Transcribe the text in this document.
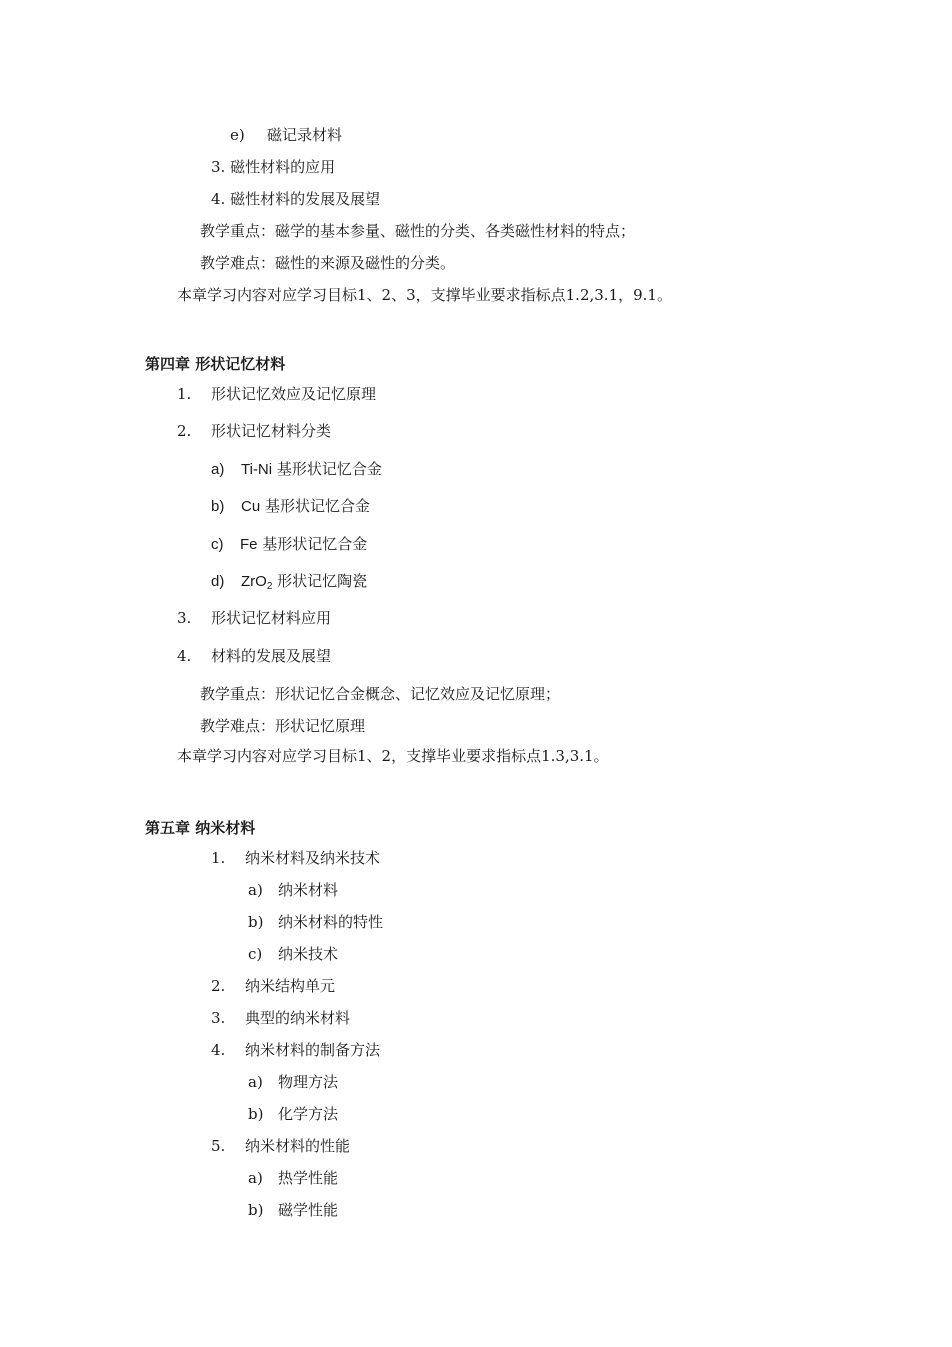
e) 磁记录材料
3. 磁性材料的应用
4. 磁性材料的发展及展望
教学重点：磁学的基本参量、磁性的分类、各类磁性材料的特点；
教学难点：磁性的来源及磁性的分类。
本章学习内容对应学习目标1、2、3，支撑毕业要求指标点1.2,3.1，9.1。
第四章 形状记忆材料
1. 形状记忆效应及记忆原理
2. 形状记忆材料分类
a) Ti-Ni 基形状记忆合金
b) Cu 基形状记忆合金
c) Fe 基形状记忆合金
d) ZrO$_2$ 形状记忆陶瓷
3. 形状记忆材料应用
4. 材料的发展及展望
教学重点：形状记忆合金概念、记忆效应及记忆原理；
教学难点：形状记忆原理
本章学习内容对应学习目标1、2，支撑毕业要求指标点1.3,3.1。
第五章 纳米材料
1. 纳米材料及纳米技术
a) 纳米材料
b) 纳米材料的特性
c) 纳米技术
2. 纳米结构单元
3. 典型的纳米材料
4. 纳米材料的制备方法
a) 物理方法
b) 化学方法
5. 纳米材料的性能
a) 热学性能
b) 磁学性能
